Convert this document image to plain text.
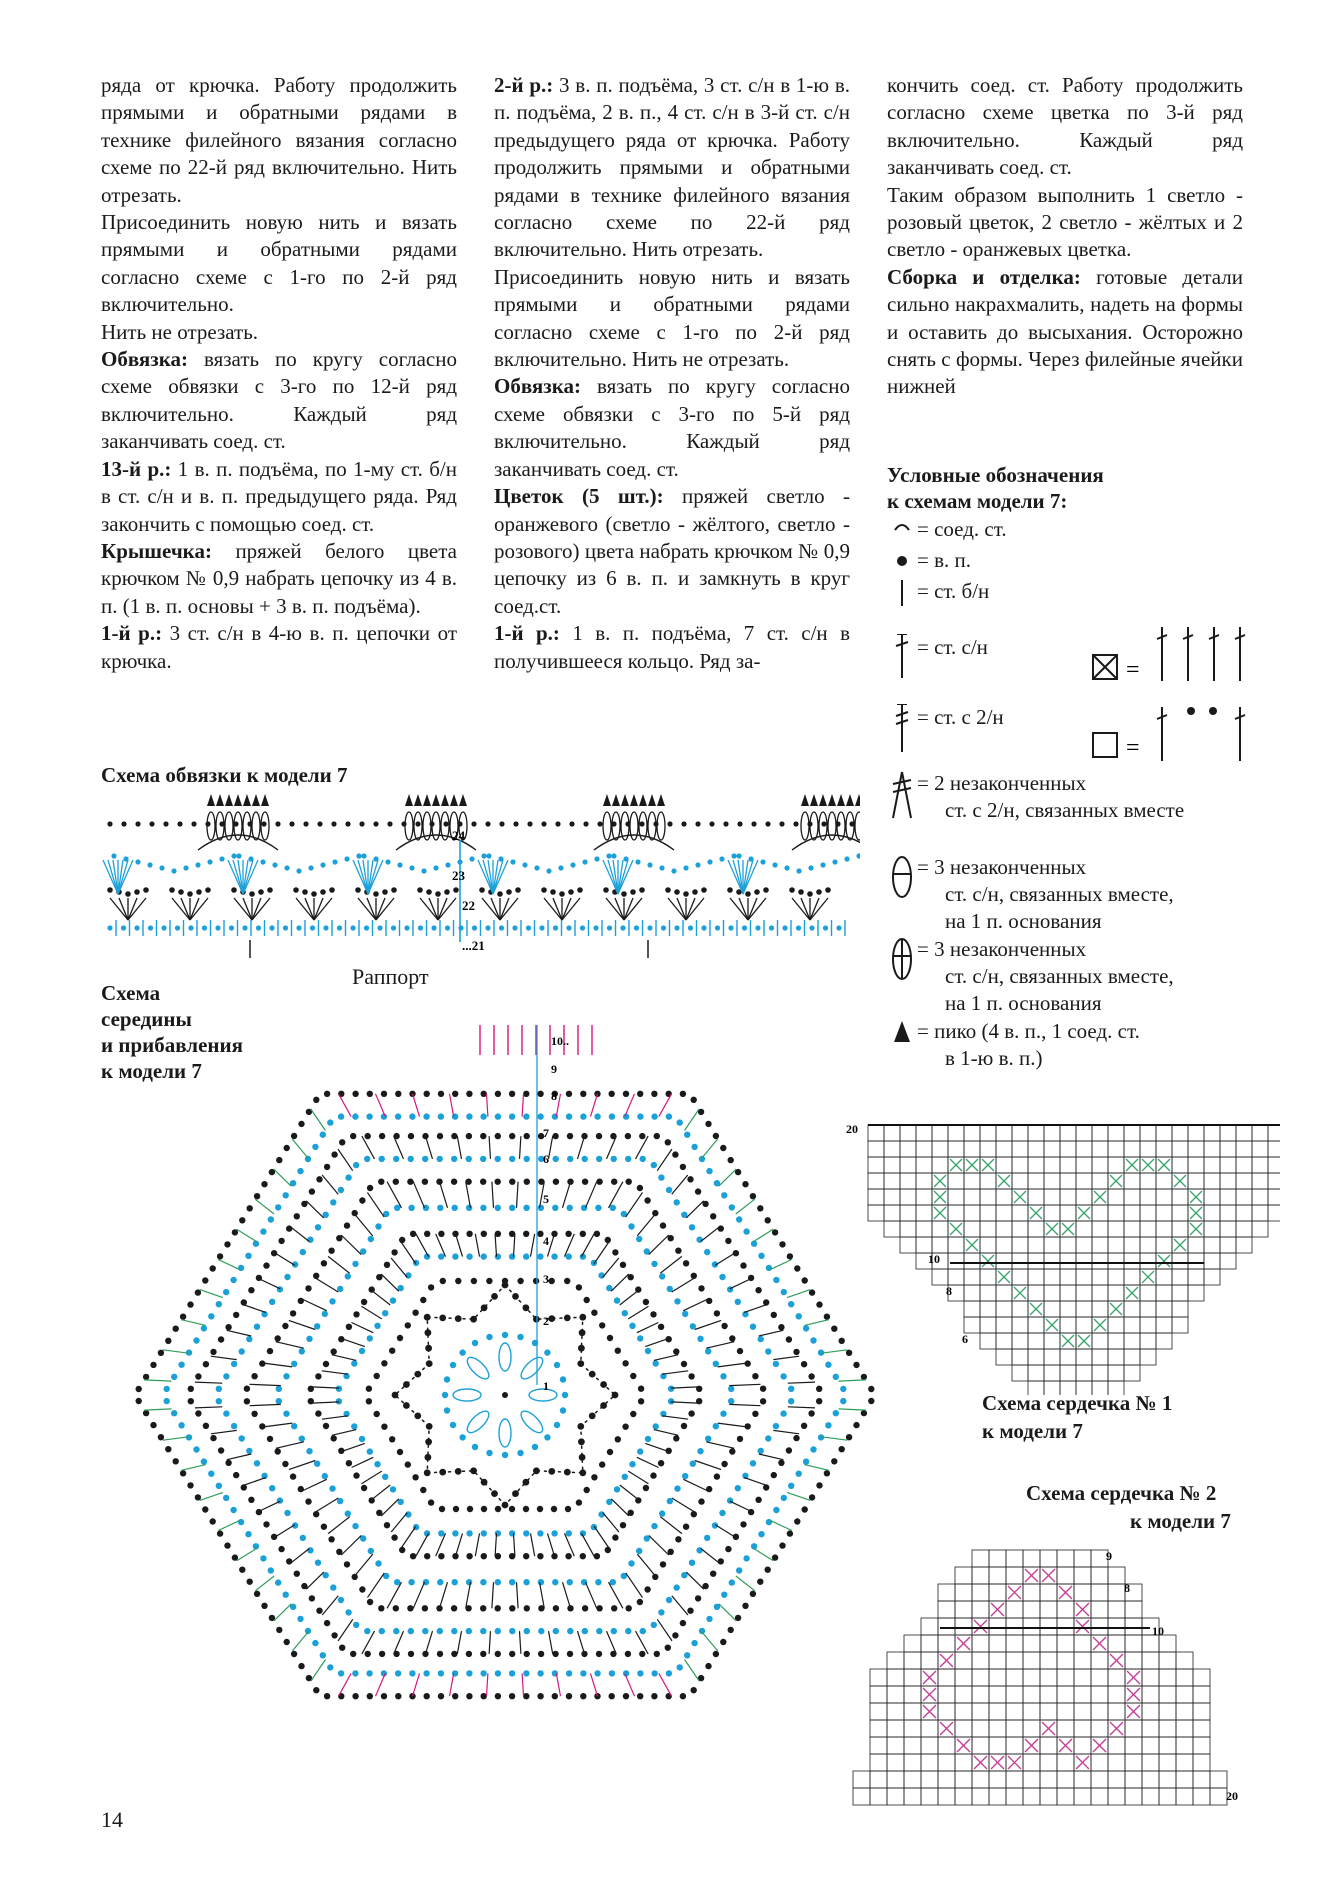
ряда от крючка. Работу продолжить прямыми и обратными рядами в технике филейного вязания согласно схеме по 22-й ряд включительно. Нить отрезать.

Присоединить новую нить и вязать прямыми и обратными рядами согласно схеме с 1-го по 2-й ряд включительно.

Нить не отрезать.

Обвязка: вязать по кругу согласно схеме обвязки с 3-го по 12-й ряд включительно. Каждый ряд заканчивать соед. ст.

13-й р.: 1 в. п. подъёма, по 1-му ст. б/н в ст. с/н и в. п. предыдущего ряда. Ряд закончить с помощью соед. ст.

Крышечка: пряжей белого цвета крючком № 0,9 набрать цепочку из 4 в. п. (1 в. п. основы + 3 в. п. подъёма).

1-й р.: 3 ст. с/н в 4-ю в. п. цепочки от крючка.

2-й р.: 3 в. п. подъёма, 3 ст. с/н в 1-ю в. п. подъёма, 2 в. п., 4 ст. с/н в 3-й ст. с/н предыдущего ряда от крючка. Работу продолжить прямыми и обратными рядами в технике филейного вязания согласно схеме по 22-й ряд включительно. Нить отрезать.

Присоединить новую нить и вязать прямыми и обратными рядами согласно схеме с 1-го по 2-й ряд включительно. Нить не отрезать.

Обвязка: вязать по кругу согласно схеме обвязки с 3-го по 5-й ряд включительно. Каждый ряд заканчивать соед. ст.

Цветок (5 шт.): пряжей светло - оранжевого (светло - жёлтого, светло - розового) цвета набрать крючком № 0,9 цепочку из 6 в. п. и замкнуть в круг соед.ст.

1-й р.: 1 в. п. подъёма, 7 ст. с/н в получившееся кольцо. Ряд за-

кончить соед. ст. Работу продолжить согласно схеме цветка по 3-й ряд включительно. Каждый ряд заканчивать соед. ст.

Таким образом выполнить 1 светло - розовый цветок, 2 светло - жёлтых и 2 светло - оранжевых цветка.

Сборка и отделка: готовые детали сильно накрахмалить, надеть на формы и оставить до высыхания. Осторожно снять с формы. Через филейные ячейки нижней

Условные обозначения
к схемам модели 7:
= соед. ст.
= в. п.
= ст. б/н
= ст. с/н
= ст. с 2/н
= 2 незаконченных
ст. с 2/н, связанных вместе
= 3 незаконченных
ст. с/н, связанных вместе,
на 1 п. основания
= 3 незаконченных
ст. с/н, связанных вместе,
на 1 п. основания
= пико (4 в. п., 1 соед. ст.
в 1-ю в. п.)
=
=
Схема обвязки к модели 7
24
23
22
...21
Раппорт
Схема
середины
и прибавления
к модели 7
1
2
3
4
5
6
7
8
9
10..
20
10
8
6
Схема сердечка № 1
к модели 7
Схема сердечка № 2
к модели 7
9
8
10
20
14
